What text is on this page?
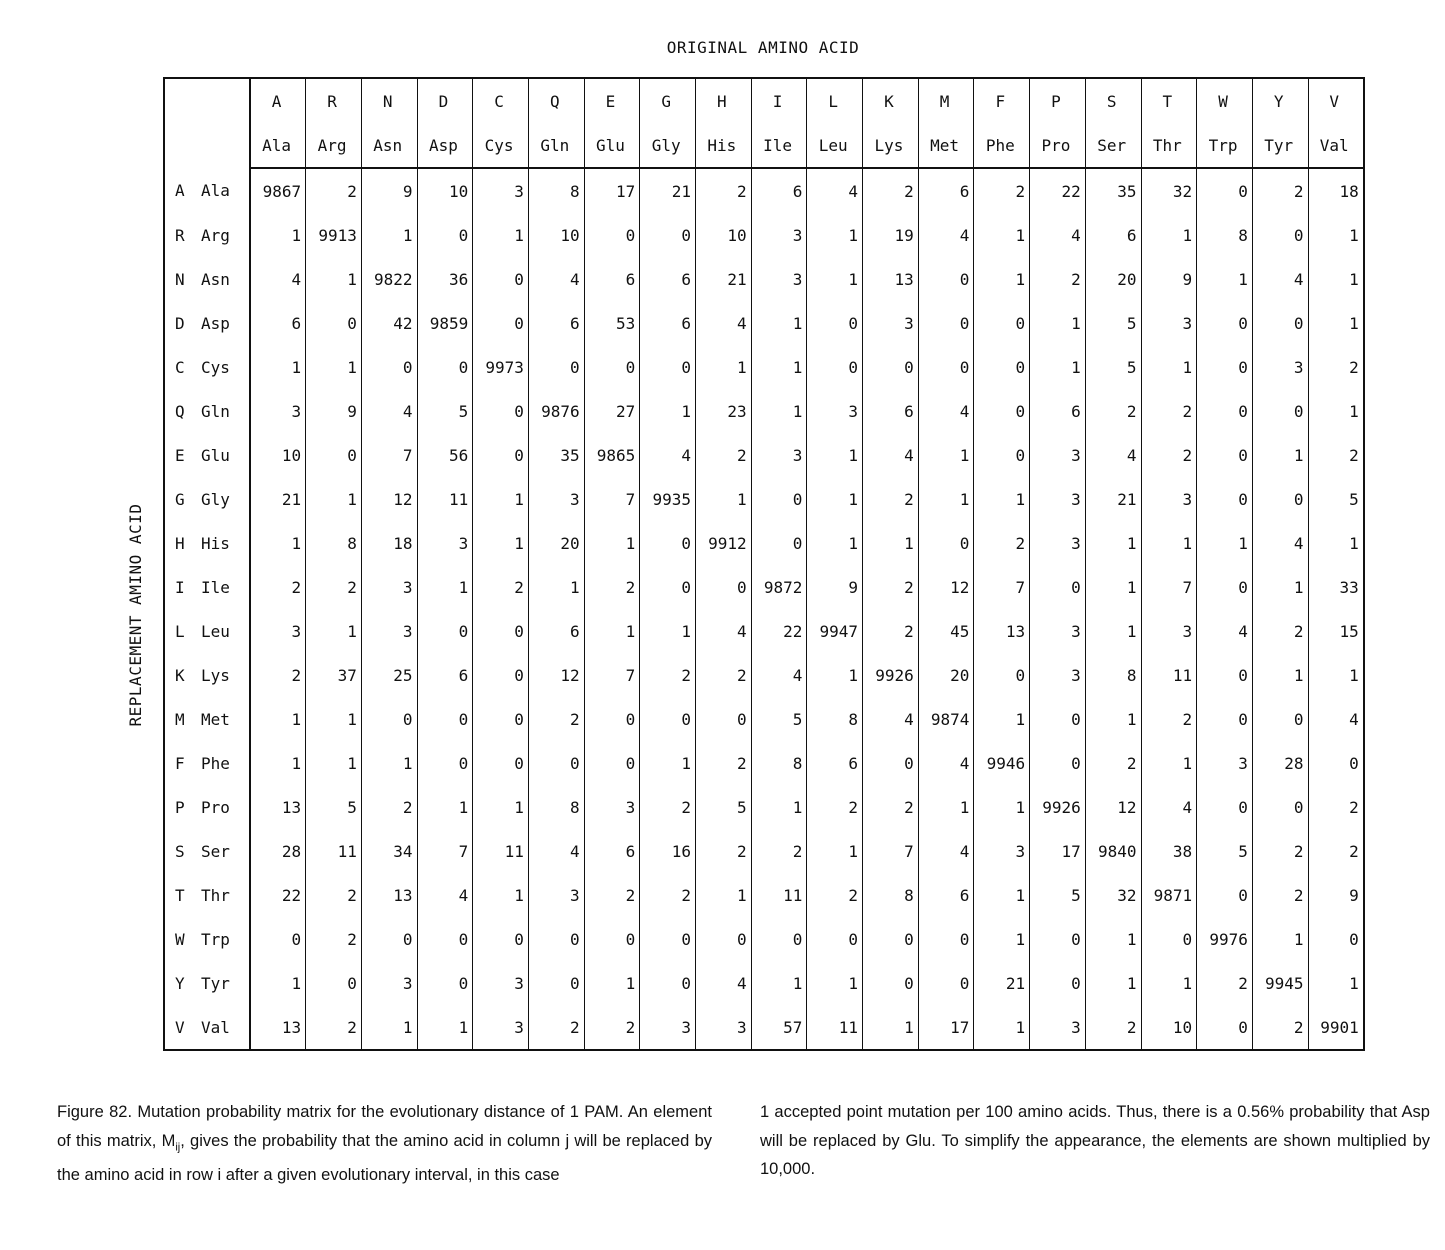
ORIGINAL AMINO ACID
REPLACEMENT AMINO ACID
	A	R	N	D	C	Q	E	G	H	I	L	K	M	F	P	S	T	W	Y	V
	Ala	Arg	Asn	Asp	Cys	Gln	Glu	Gly	His	Ile	Leu	Lys	Met	Phe	Pro	Ser	Thr	Trp	Tyr	Val
A Ala	9867	2	9	10	3	8	17	21	2	6	4	2	6	2	22	35	32	0	2	18
R Arg	1	9913	1	0	1	10	0	0	10	3	1	19	4	1	4	6	1	8	0	1
N Asn	4	1	9822	36	0	4	6	6	21	3	1	13	0	1	2	20	9	1	4	1
D Asp	6	0	42	9859	0	6	53	6	4	1	0	3	0	0	1	5	3	0	0	1
C Cys	1	1	0	0	9973	0	0	0	1	1	0	0	0	0	1	5	1	0	3	2
Q Gln	3	9	4	5	0	9876	27	1	23	1	3	6	4	0	6	2	2	0	0	1
E Glu	10	0	7	56	0	35	9865	4	2	3	1	4	1	0	3	4	2	0	1	2
G Gly	21	1	12	11	1	3	7	9935	1	0	1	2	1	1	3	21	3	0	0	5
H His	1	8	18	3	1	20	1	0	9912	0	1	1	0	2	3	1	1	1	4	1
I Ile	2	2	3	1	2	1	2	0	0	9872	9	2	12	7	0	1	7	0	1	33
L Leu	3	1	3	0	0	6	1	1	4	22	9947	2	45	13	3	1	3	4	2	15
K Lys	2	37	25	6	0	12	7	2	2	4	1	9926	20	0	3	8	11	0	1	1
M Met	1	1	0	0	0	2	0	0	0	5	8	4	9874	1	0	1	2	0	0	4
F Phe	1	1	1	0	0	0	0	1	2	8	6	0	4	9946	0	2	1	3	28	0
P Pro	13	5	2	1	1	8	3	2	5	1	2	2	1	1	9926	12	4	0	0	2
S Ser	28	11	34	7	11	4	6	16	2	2	1	7	4	3	17	9840	38	5	2	2
T Thr	22	2	13	4	1	3	2	2	1	11	2	8	6	1	5	32	9871	0	2	9
W Trp	0	2	0	0	0	0	0	0	0	0	0	0	0	1	0	1	0	9976	1	0
Y Tyr	1	0	3	0	3	0	1	0	4	1	1	0	0	21	0	1	1	2	9945	1
V Val	13	2	1	1	3	2	2	3	3	57	11	1	17	1	3	2	10	0	2	9901
Figure 82. Mutation probability matrix for the evolutionary distance of 1 PAM. An element of this matrix, $M_{ij}$, gives the probability that the amino acid in column j will be replaced by the amino acid in row i after a given evolutionary interval, in this case
1 accepted point mutation per 100 amino acids. Thus, there is a 0.56% probability that Asp will be replaced by Glu. To simplify the appearance, the elements are shown multiplied by 10,000.
